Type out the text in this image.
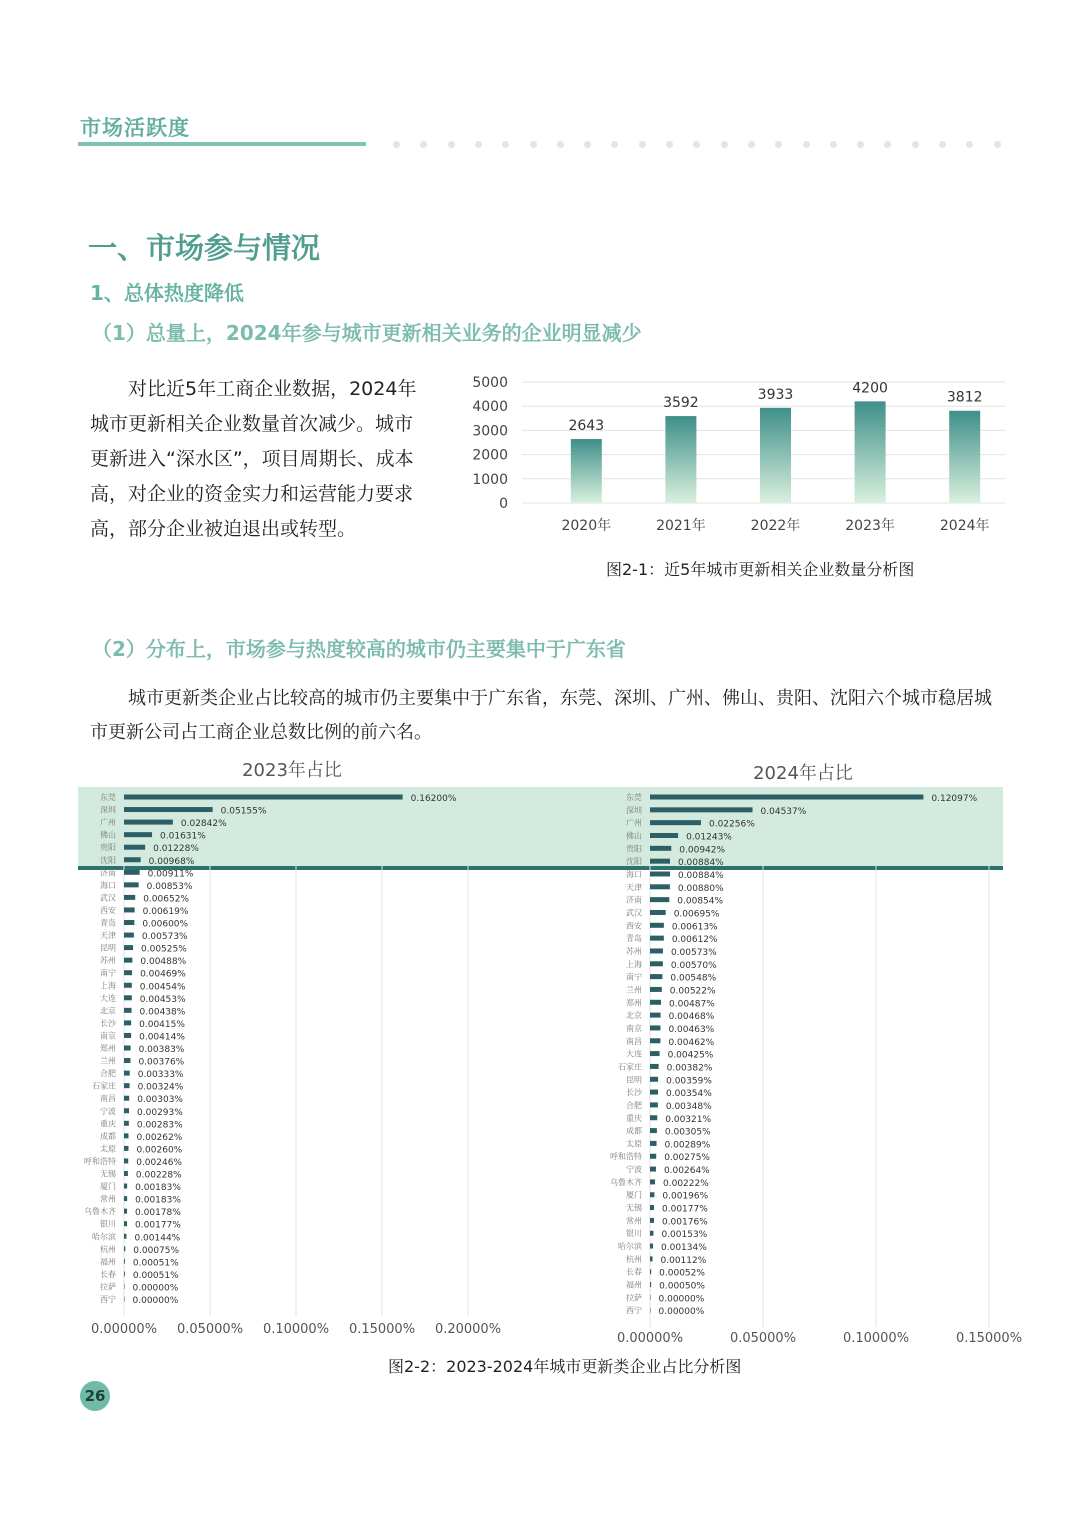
市场活跃度
一、市场参与情况
1、总体热度降低
（1）总量上，2024年参与城市更新相关业务的企业明显减少
对比近5年工商企业数据，2024年城市更新相关企业数量首次减少。城市更新进入“深水区”，项目周期长、成本高，对企业的资金实力和运营能力要求高，部分企业被迫退出或转型。
0
1000
2000
3000
4000
5000
2643
3592
3933	4200
3812
2020年	2021年	2022年	2023年	2024年
图2-1：近5年城市更新相关企业数量分析图
（2）分布上，市场参与热度较高的城市仍主要集中于广东省
城市更新类企业占比较高的城市仍主要集中于广东省，东莞、深圳、广州、佛山、贵阳、沈阳六个城市稳居城市更新公司占工商企业总数比例的前六名。
2023年占比
0.00000% 0.05000% 0.10000% 0.15000% 0.20000%
东莞	0.16200%
深圳	0.05155%
广州	0.02842%
佛山	0.01631%
贵阳	0.01228%
沈阳	0.00968%
济南	0.00911%
海口	0.00853%
武汉	0.00652%
西安	0.00619%
青岛	0.00600%
天津	0.00573%
昆明	0.00525%
苏州	0.00488%
南宁	0.00469%
上海	0.00454%
大连	0.00453%
北京	0.00438%
长沙	0.00415%
南京	0.00414%
郑州	0.00383%
兰州 0.00376%
合肥 0.00333%
石家庄 0.00324%
南昌 0.00303%
宁波 0.00293%
重庆 0.00283%
成都 0.00262%
太原 0.00260%
呼和浩特 0.00246%
无锡 0.00228%
厦门 0.00183%
常州 0.00183%
乌鲁木齐 0.00178%
银川 0.00177%
哈尔滨 0.00144%
杭州 0.00075%
福州 0.00051%
长春 0.00051%
拉萨 0.00000%
西宁 0.00000%
2024年占比
0.00000%	0.05000%	0.10000%	0.15000%
东莞	0.12097%
深圳	0.04537%
广州	0.02256%
佛山	0.01243%
贵阳	0.00942%
沈阳	0.00884%
海口	0.00884%
天津	0.00880%
济南	0.00854%
武汉	0.00695%
西安	0.00613%
青岛	0.00612%
苏州	0.00573%
上海	0.00570%
南宁	0.00548%
兰州	0.00522%
郑州	0.00487%
北京	0.00468%
南京	0.00463%
南昌	0.00462%
大连	0.00425%
石家庄	0.00382%
昆明	0.00359%
长沙	0.00354%
合肥	0.00348%
重庆	0.00321%
成都	0.00305%
太原	0.00289%
呼和浩特 0.00275%
宁波 0.00264%
乌鲁木齐 0.00222%
厦门 0.00196%
无锡 0.00177%
常州 0.00176%
银川 0.00153%
哈尔滨 0.00134%
杭州 0.00112%
长春 0.00052%
福州 0.00050%
拉萨 0.00000%
西宁 0.00000%
图2-2：2023-2024年城市更新类企业占比分析图
26
